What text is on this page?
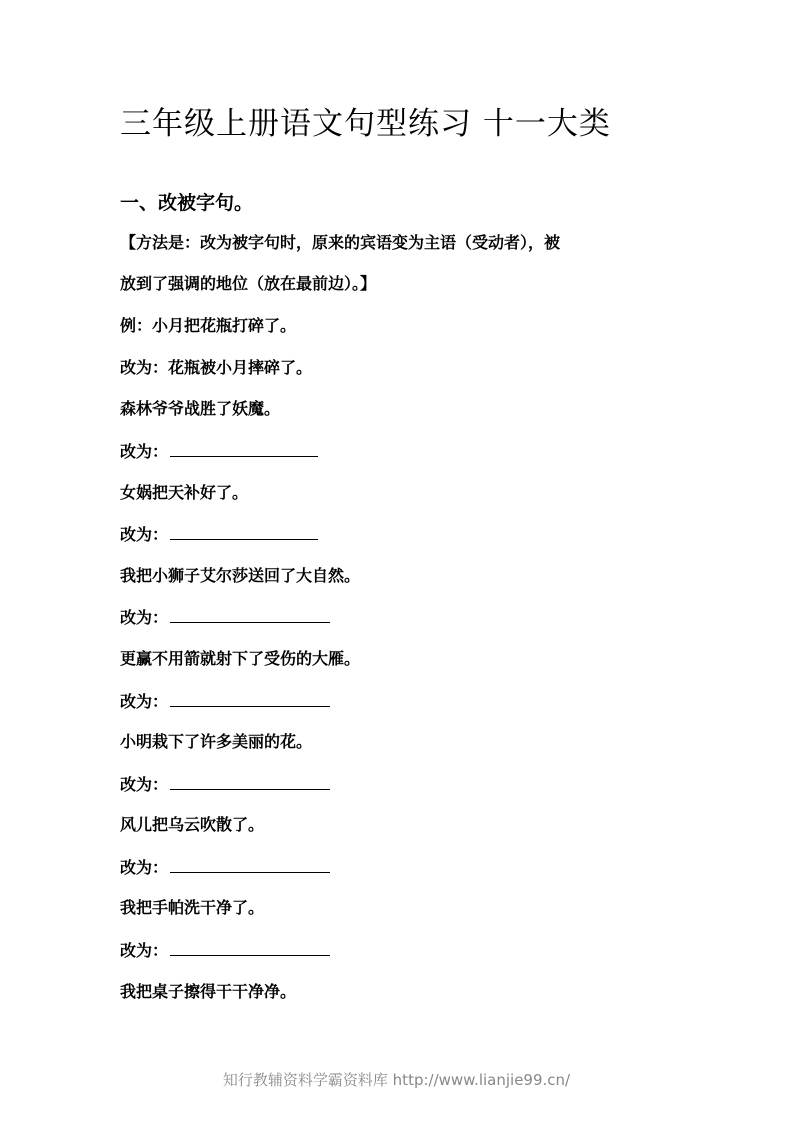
三年级上册语文句型练习 十一大类
一、改被字句。
【方法是：改为被字句时，原来的宾语变为主语（受动者），被
放到了强调的地位（放在最前边）。】
例：小月把花瓶打碎了。
改为：花瓶被小月摔碎了。
森林爷爷战胜了妖魔。
改为：
女娲把天补好了。
改为：
我把小狮子艾尔莎送回了大自然。
改为：
更赢不用箭就射下了受伤的大雁。
改为：
小明栽下了许多美丽的花。
改为：
风儿把乌云吹散了。
改为：
我把手帕洗干净了。
改为：
我把桌子擦得干干净净。
知行教辅资料学霸资料库 http://www.lianjie99.cn/
